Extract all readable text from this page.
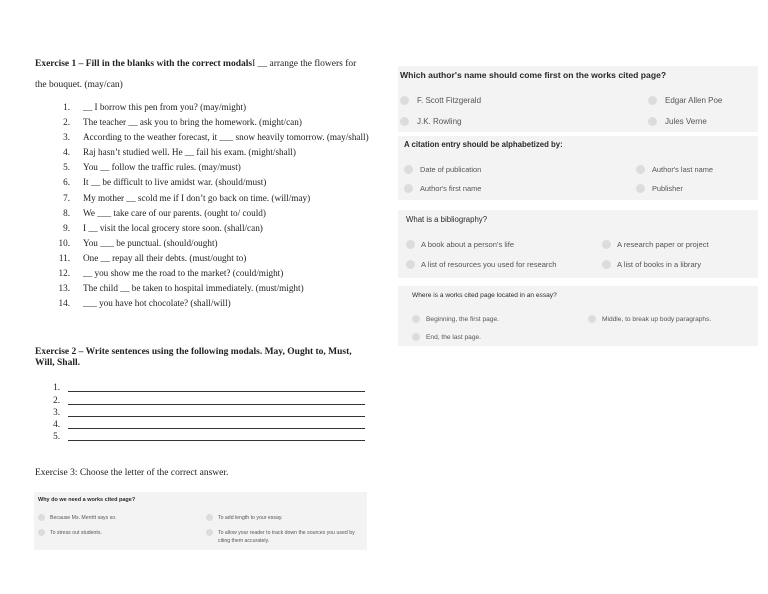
Exercise 1 – Fill in the blanks with the correct modalsI __ arrange the flowers for
the bouquet. (may/can)
1.	__ I borrow this pen from you? (may/might)
2.	The teacher __ ask you to bring the homework. (might/can)
3.	According to the weather forecast, it ___ snow heavily tomorrow. (may/shall)
4.	Raj hasn’t studied well. He __ fail his exam. (might/shall)
5.	You __ follow the traffic rules. (may/must)
6.	It __ be difficult to live amidst war. (should/must)
7.	My mother __ scold me if I don’t go back on time. (will/may)
8.	We ___ take care of our parents. (ought to/ could)
9.	I __ visit the local grocery store soon. (shall/can)
10.	You ___ be punctual. (should/ought)
11.	One __ repay all their debts. (must/ought to)
12.	__ you show me the road to the market? (could/might)
13.	The child __ be taken to hospital immediately. (must/might)
14.	___ you have hot chocolate? (shall/will)
Exercise 2 – Write sentences using the following modals. May, Ought to, Must, Will, Shall.
1.
2.
3.
4.
5.
Exercise 3: Choose the letter of the correct answer.
Why do we need a works cited page?
Because Ms. Merritt says so.	To add length to your essay.
To stress out students.	To allow your reader to track down the sources you used by citing them accurately.
Which author's name should come first on the works cited page?
F. Scott Fitzgerald	Edgar Allen Poe
J.K. Rowling	Jules Verne
A citation entry should be alphabetized by:
Date of publication	Author's last name
Author's first name	Publisher
What is a bibliography?
A book about a person's life	A research paper or project
A list of resources you used for research	A list of books in a library
Where is a works cited page located in an essay?
Beginning, the first page.	Middle, to break up body paragraphs.
End, the last page.
